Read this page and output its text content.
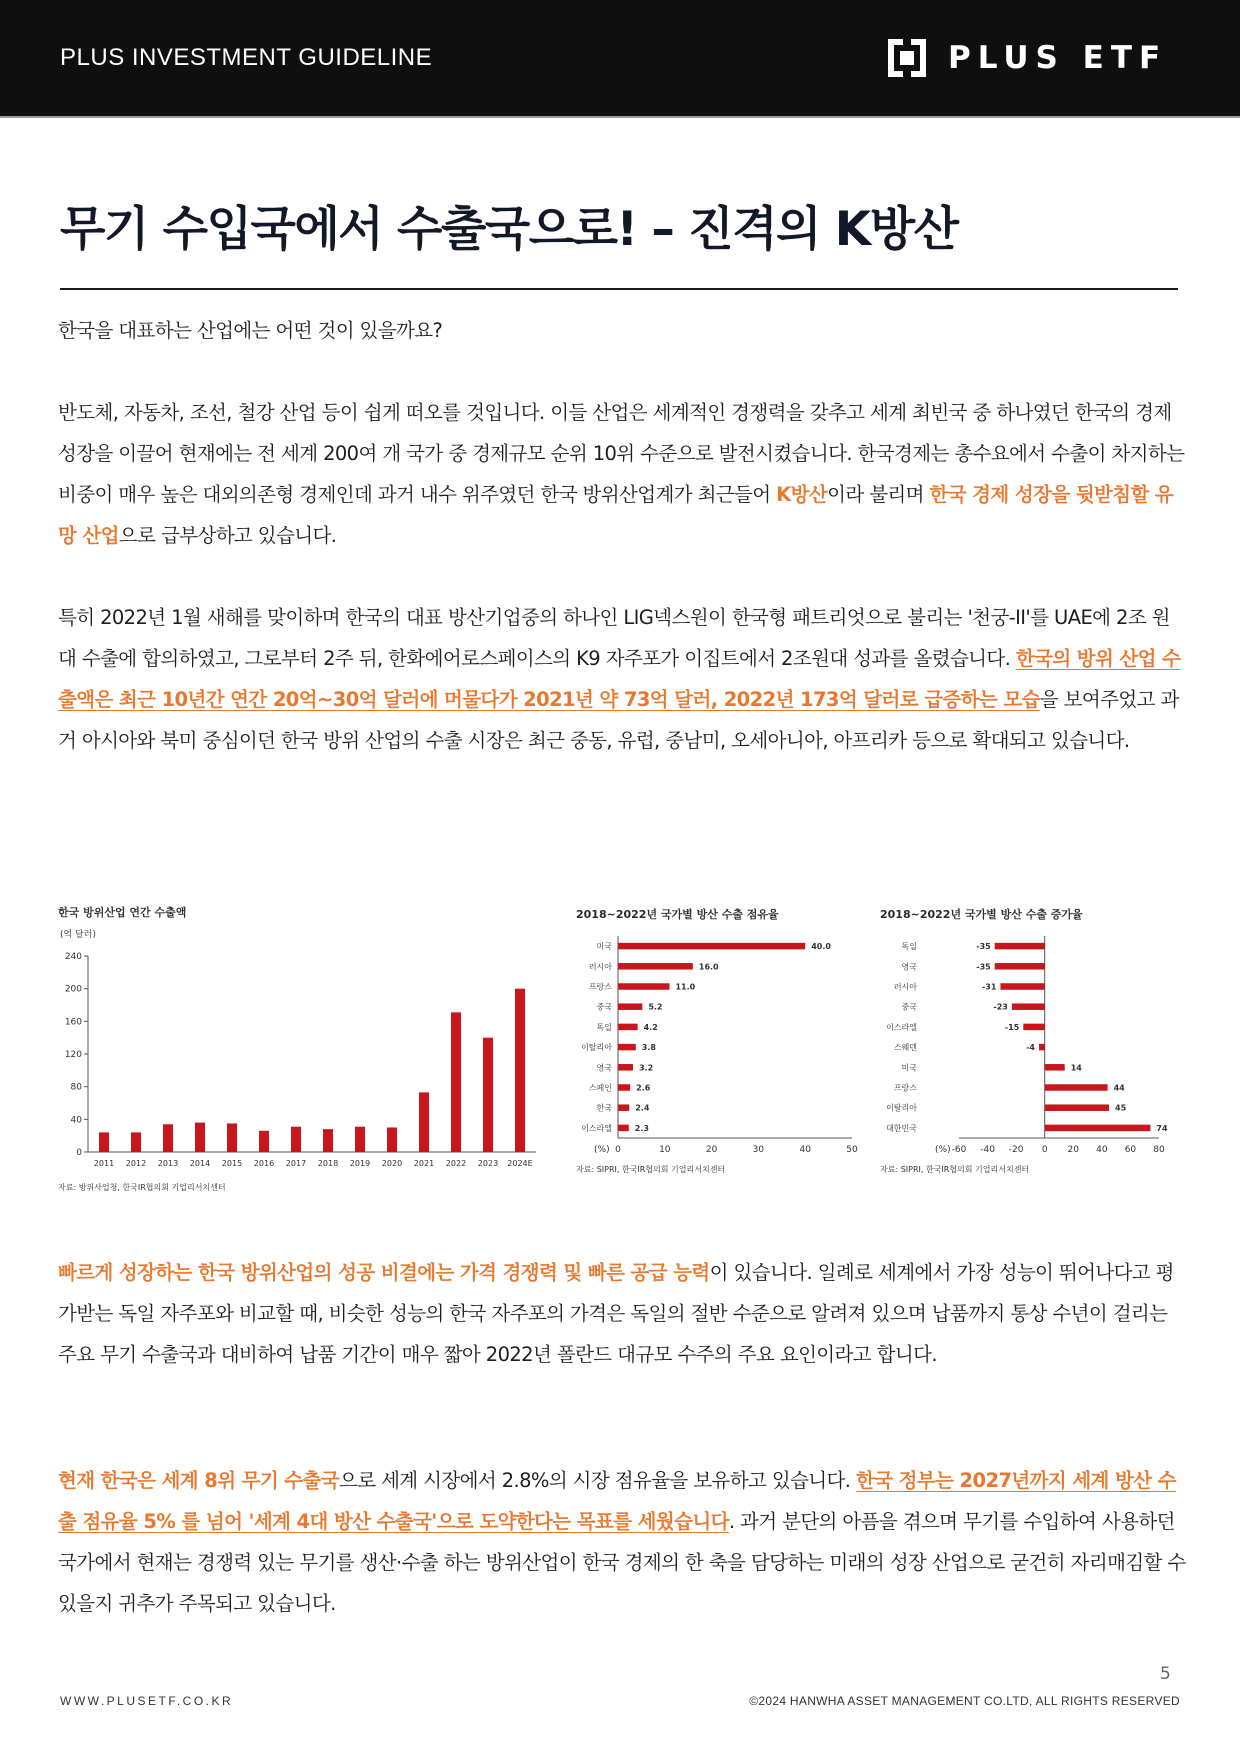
PLUS INVESTMENT GUIDELINE	PLUS ETF
무기 수입국에서 수출국으로! – 진격의 K방산

한국을 대표하는 산업에는 어떤 것이 있을까요?

반도체, 자동차, 조선, 철강 산업 등이 쉽게 떠오를 것입니다. 이들 산업은 세계적인 경쟁력을 갖추고 세계 최빈국 중 하나였던 한국의 경제성장을 이끌어 현재에는 전 세계 200여 개 국가 중 경제규모 순위 10위 수준으로 발전시켰습니다. 한국경제는 총수요에서 수출이 차지하는 비중이 매우 높은 대외의존형 경제인데 과거 내수 위주였던 한국 방위산업계가 최근들어 K방산이라 불리며 한국 경제 성장을 뒷받침할 유망 산업으로 급부상하고 있습니다.

특히 2022년 1월 새해를 맞이하며 한국의 대표 방산기업중의 하나인 LIG넥스원이 한국형 패트리엇으로 불리는 '천궁-II'를 UAE에 2조 원대 수출에 합의하였고, 그로부터 2주 뒤, 한화에어로스페이스의 K9 자주포가 이집트에서 2조원대 성과를 올렸습니다. 한국의 방위 산업 수출액은 최근 10년간 연간 20억~30억 달러에 머물다가 2021년 약 73억 달러, 2022년 173억 달러로 급증하는 모습을 보여주었고 과거 아시아와 북미 중심이던 한국 방위 산업의 수출 시장은 최근 중동, 유럽, 중남미, 오세아니아, 아프리카 등으로 확대되고 있습니다.

한국 방위산업 연간 수출액
(억 달러)
0
40
80
120
160
200
240
2011 2012 2013 2014 2015 2016 2017 2018 2019 2020 2021 2022 2023 2024E
자료: 방위사업청, 한국IR협의회 기업리서치센터
2018~2022년 국가별 방산 수출 점유율
0	10	20	30	40	50
(%)
미국	40.0
러시아	16.0
프랑스	11.0
중국	5.2
독일	4.2
이탈리아	3.8
영국	3.2
스페인	2.6
한국	2.4
이스라엘	2.3
자료: SIPRI, 한국IR협의회 기업리서치센터
2018~2022년 국가별 방산 수출 증가율
-60 -40 -20 0 20 40 60 80
(%)
독일	-35
영국	-35
러시아	-31
중국	-23
이스라엘	-15
스웨덴	-4
미국	14
프랑스	44
이탈리아	45
대한민국	74
자료: SIPRI, 한국IR협의회 기업리서치센터

빠르게 성장하는 한국 방위산업의 성공 비결에는 가격 경쟁력 및 빠른 공급 능력이 있습니다. 일례로 세계에서 가장 성능이 뛰어나다고 평가받는 독일 자주포와 비교할 때, 비슷한 성능의 한국 자주포의 가격은 독일의 절반 수준으로 알려져 있으며 납품까지 통상 수년이 걸리는 주요 무기 수출국과 대비하여 납품 기간이 매우 짧아 2022년 폴란드 대규모 수주의 주요 요인이라고 합니다.

현재 한국은 세계 8위 무기 수출국으로 세계 시장에서 2.8%의 시장 점유율을 보유하고 있습니다. 한국 정부는 2027년까지 세계 방산 수출 점유율 5% 를 넘어 '세계 4대 방산 수출국'으로 도약한다는 목표를 세웠습니다. 과거 분단의 아픔을 겪으며 무기를 수입하여 사용하던 국가에서 현재는 경쟁력 있는 무기를 생산·수출 하는 방위산업이 한국 경제의 한 축을 담당하는 미래의 성장 산업으로 굳건히 자리매김할 수 있을지 귀추가 주목되고 있습니다.

5
WWW.PLUSETF.CO.KR	©2024 HANWHA ASSET MANAGEMENT CO.LTD, ALL RIGHTS RESERVED
